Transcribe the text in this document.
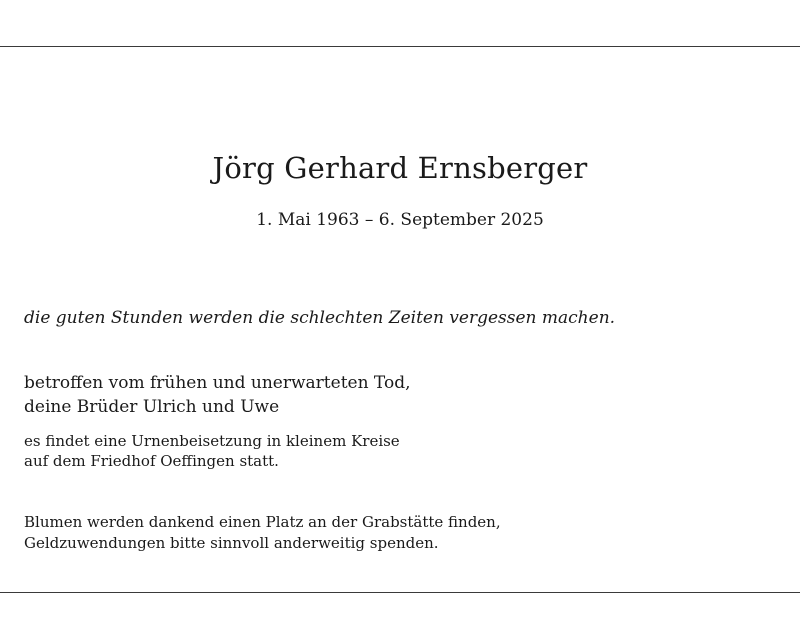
Jörg Gerhard Ernsberger
1. Mai 1963 – 6. September 2025
die guten Stunden werden die schlechten Zeiten vergessen machen.
betroffen vom frühen und unerwarteten Tod,
deine Brüder Ulrich und Uwe
es findet eine Urnenbeisetzung in kleinem Kreise
auf dem Friedhof Oeffingen statt.
Blumen werden dankend einen Platz an der Grabstätte finden,
Geldzuwendungen bitte sinnvoll anderweitig spenden.
